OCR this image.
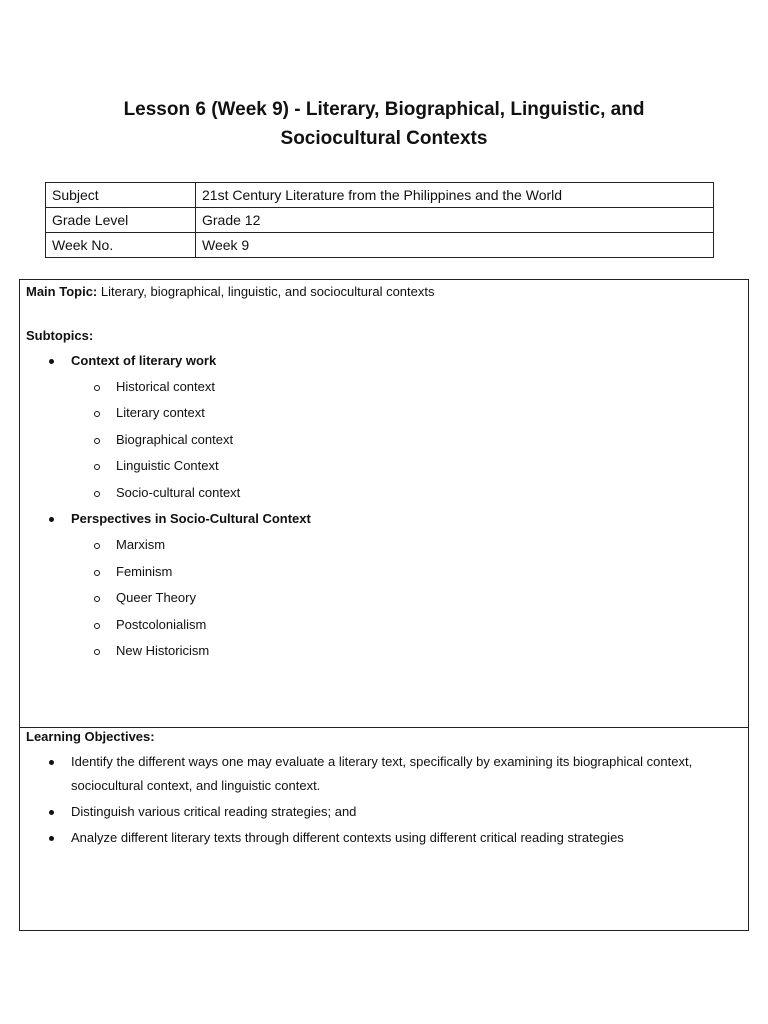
Lesson 6 (Week 9) - Literary, Biographical, Linguistic, and
Sociocultural Contexts
Subject	21st Century Literature from the Philippines and the World
Grade Level	Grade 12
Week No.	Week 9
Main Topic: Literary, biographical, linguistic, and sociocultural contexts
Subtopics:
Context of literary work
Historical context
Literary context
Biographical context
Linguistic Context
Socio-cultural context
Perspectives in Socio-Cultural Context
Marxism
Feminism
Queer Theory
Postcolonialism
New Historicism
Learning Objectives:
Identify the different ways one may evaluate a literary text, specifically by examining its biographical context,
sociocultural context, and linguistic context.
Distinguish various critical reading strategies; and
Analyze different literary texts through different contexts using different critical reading strategies
